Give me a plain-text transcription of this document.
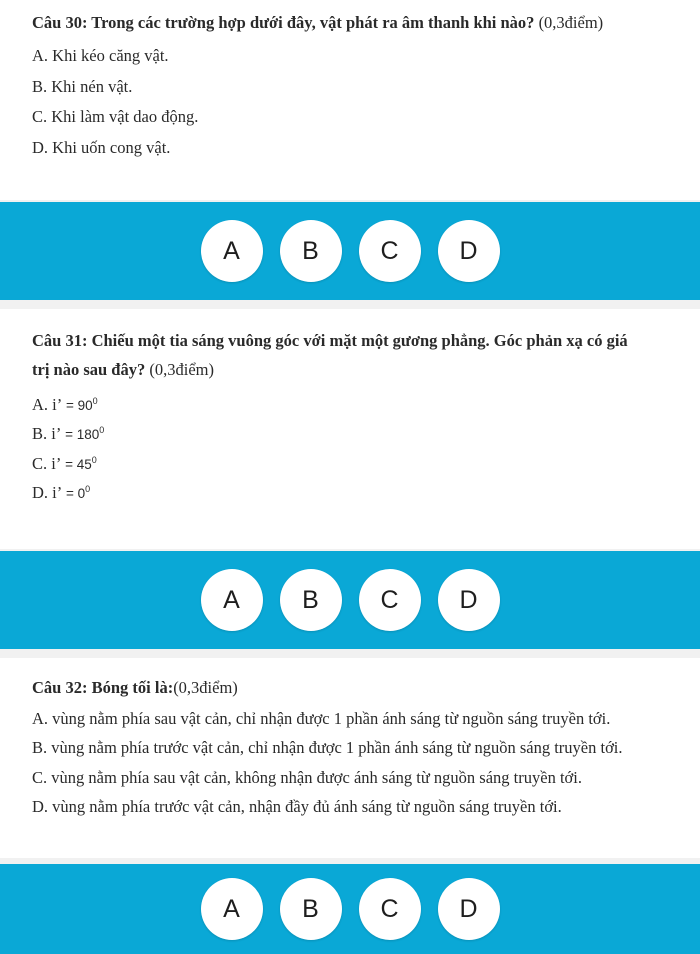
Câu 30: Trong các trường hợp dưới đây, vật phát ra âm thanh khi nào? (0,3điểm)
A. Khi kéo căng vật.
B. Khi nén vật.
C. Khi làm vật dao động.
D. Khi uốn cong vật.
A	B	C	D
Câu 31: Chiếu một tia sáng vuông góc với mặt một gương phẳng. Góc phản xạ có giá
trị nào sau đây? (0,3điểm)
A. i’ = $90^0$
B. i’ = $180^0$
C. i’ = $45^0$
D. i’ = $0^0$
A	B	C	D
Câu 32: Bóng tối là:(0,3điểm)
A. vùng nằm phía sau vật cản, chỉ nhận được 1 phần ánh sáng từ nguồn sáng truyền tới.
B. vùng nằm phía trước vật cản, chỉ nhận được 1 phần ánh sáng từ nguồn sáng truyền tới.
C. vùng nằm phía sau vật cản, không nhận được ánh sáng từ nguồn sáng truyền tới.
D. vùng nằm phía trước vật cản, nhận đầy đủ ánh sáng từ nguồn sáng truyền tới.
A	B	C	D
